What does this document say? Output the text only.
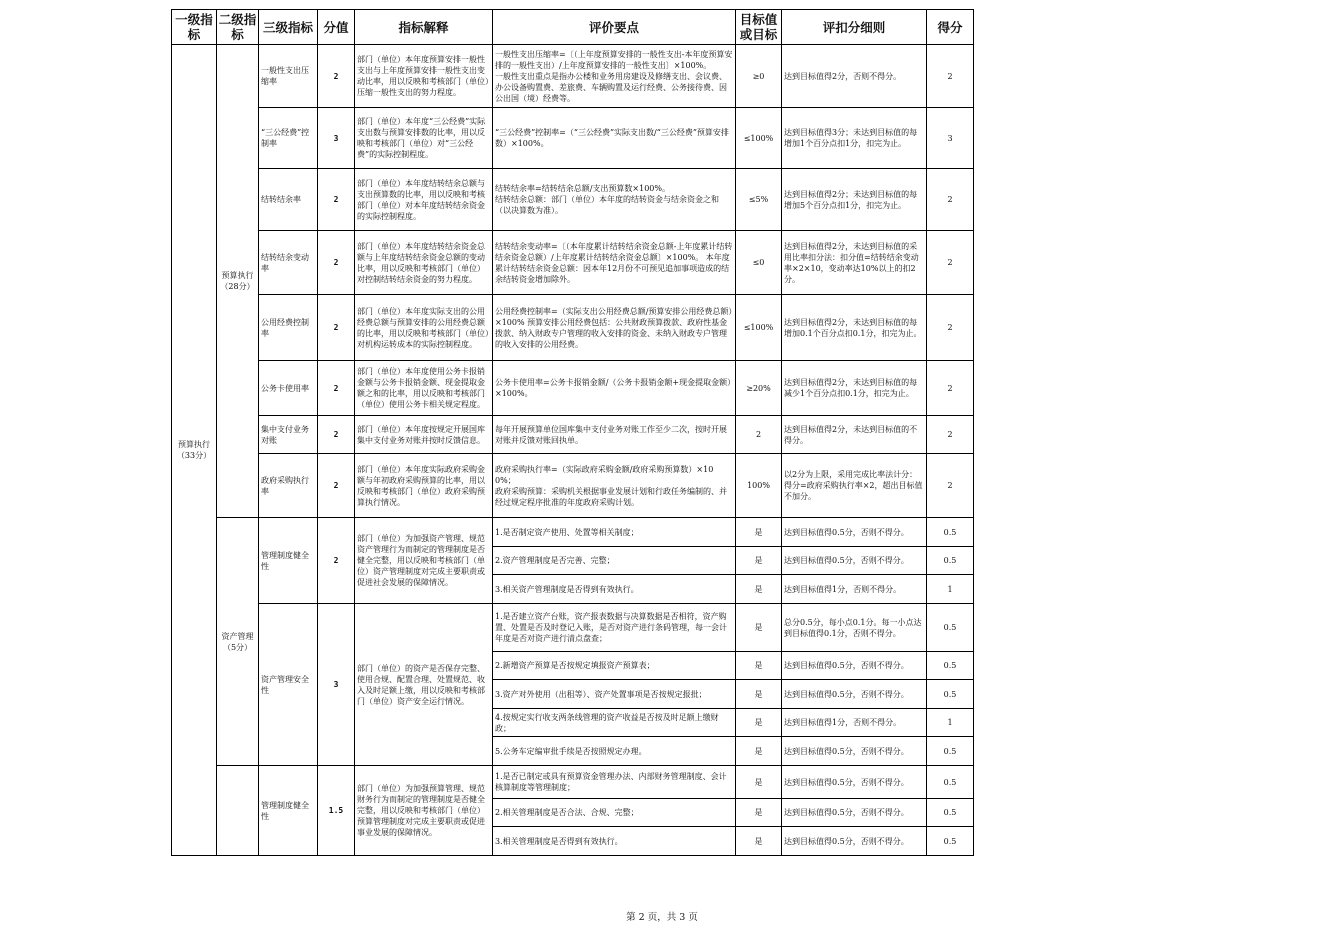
一级指标	二级指标	三级指标	分值	指标解释	评价要点	目标值或目标	评扣分细则	得分
预算执行
（33分）	预算执行
（28分）	一般性支出压缩率	2	部门（单位）本年度预算安排一般性支出与上年度预算安排一般性支出变动比率，用以反映和考核部门（单位）压缩一般性支出的努力程度。	一般性支出压缩率=〔（上年度预算安排的一般性支出-本年度预算安排的一般性支出）/上年度预算安排的一般性支出〕×100%。
一般性支出重点是指办公楼和业务用房建设及修缮支出、会议费、办公设备购置费、差旅费、车辆购置及运行经费、公务接待费、因公出国（境）经费等。	≥0	达到目标值得2分，否则不得分。	2
		“三公经费”控制率	3	部门（单位）本年度“三公经费”实际支出数与预算安排数的比率，用以反映和考核部门（单位）对“三公经费”的实际控制程度。	“三公经费”控制率=（“三公经费”实际支出数/“三公经费”预算安排数）×100%。	≤100%	达到目标值得3分；未达到目标值的每增加1个百分点扣1分，扣完为止。	3
		结转结余率	2	部门（单位）本年度结转结余总额与支出预算数的比率，用以反映和考核部门（单位）对本年度结转结余资金的实际控制程度。	结转结余率=结转结余总额/支出预算数×100%。
结转结余总额：部门（单位）本年度的结转资金与结余资金之和（以决算数为准）。	≤5%	达到目标值得2分；未达到目标值的每增加5个百分点扣1分，扣完为止。	2
		结转结余变动率	2	部门（单位）本年度结转结余资金总额与上年度结转结余资金总额的变动比率，用以反映和考核部门（单位）对控制结转结余资金的努力程度。	结转结余变动率=〔（本年度累计结转结余资金总额-上年度累计结转结余资金总额）/上年度累计结转结余资金总额〕×100%。 本年度累计结转结余资金总额：因本年12月份不可预见追加事项造成的结余结转资金增加除外。	≤0	达到目标值得2分，未达到目标值的采用比率扣分法：扣分值=结转结余变动率×2×10，变动率达10%以上的扣2分。	2
		公用经费控制率	2	部门（单位）本年度实际支出的公用经费总额与预算安排的公用经费总额的比率，用以反映和考核部门（单位）对机构运转成本的实际控制程度。	公用经费控制率=（实际支出公用经费总额/预算安排公用经费总额）×100% 预算安排公用经费包括：公共财政预算拨款、政府性基金拨款、纳入财政专户管理的收入安排的资金、未纳入财政专户管理的收入安排的公用经费。	≤100%	达到目标值得2分，未达到目标值的每增加0.1个百分点扣0.1分，扣完为止。	2
		公务卡使用率	2	部门（单位）本年度使用公务卡报销金额与公务卡报销金额、现金提取金额之和的比率，用以反映和考核部门（单位）使用公务卡相关规定程度。	公务卡使用率=公务卡报销金额/（公务卡报销金额+现金提取金额）×100%。	≥20%	达到目标值得2分，未达到目标值的每减少1个百分点扣0.1分，扣完为止。	2
		集中支付业务对账	2	部门（单位）本年度按规定开展国库集中支付业务对账并按时反馈信息。	每年开展预算单位国库集中支付业务对账工作至少二次，按时开展对账并反馈对账回执单。	2	达到目标值得2分，未达到目标值的不得分。	2
		政府采购执行率	2	部门（单位）本年度实际政府采购金额与年初政府采购预算的比率，用以反映和考核部门（单位）政府采购预算执行情况。	政府采购执行率=（实际政府采购金额/政府采购预算数）×100%；
政府采购预算：采购机关根据事业发展计划和行政任务编制的、并经过规定程序批准的年度政府采购计划。	100%	以2分为上限，采用完成比率法计分：得分=政府采购执行率×2，超出目标值不加分。	2
	资产管理
（5分）	管理制度健全性	2	部门（单位）为加强资产管理、规范资产管理行为而制定的管理制度是否健全完整，用以反映和考核部门（单位）资产管理制度对完成主要职责或促进社会发展的保障情况。	1.是否制定资产使用、处置等相关制度；	是	达到目标值得0.5分，否则不得分。	0.5
					2.资产管理制度是否完善、完整；	是	达到目标值得0.5分，否则不得分。	0.5
					3.相关资产管理制度是否得到有效执行。	是	达到目标值得1分，否则不得分。	1
		资产管理安全性	3	部门（单位）的资产是否保存完整、使用合规、配置合理、处置规范、收入及时足额上缴，用以反映和考核部门（单位）资产安全运行情况。	1.是否建立资产台账，资产报表数据与决算数据是否相符，资产购置、处置是否及时登记入账，是否对资产进行条码管理，每一会计年度是否对资产进行清点盘查；	是	总分0.5分，每小点0.1分。每一小点达到目标值得0.1分，否则不得分。	0.5
					2.新增资产预算是否按规定填报资产预算表；	是	达到目标值得0.5分，否则不得分。	0.5
					3.资产对外使用（出租等）、资产处置事项是否按规定报批；	是	达到目标值得0.5分，否则不得分。	0.5
					4.按规定实行收支两条线管理的资产收益是否按及时足额上缴财政；	是	达到目标值得1分，否则不得分。	1
					5.公务车定编审批手续是否按照规定办理。	是	达到目标值得0.5分，否则不得分。	0.5
		管理制度健全性	1.5	部门（单位）为加强预算管理、规范财务行为而制定的管理制度是否健全完整，用以反映和考核部门（单位）预算管理制度对完成主要职责或促进事业发展的保障情况。	1.是否已制定或具有预算资金管理办法、内部财务管理制度、会计核算制度等管理制度；	是	达到目标值得0.5分，否则不得分。	0.5
					2.相关管理制度是否合法、合规、完整；	是	达到目标值得0.5分，否则不得分。	0.5
					3.相关管理制度是否得到有效执行。	是	达到目标值得0.5分，否则不得分。	0.5
第 2 页，共 3 页
